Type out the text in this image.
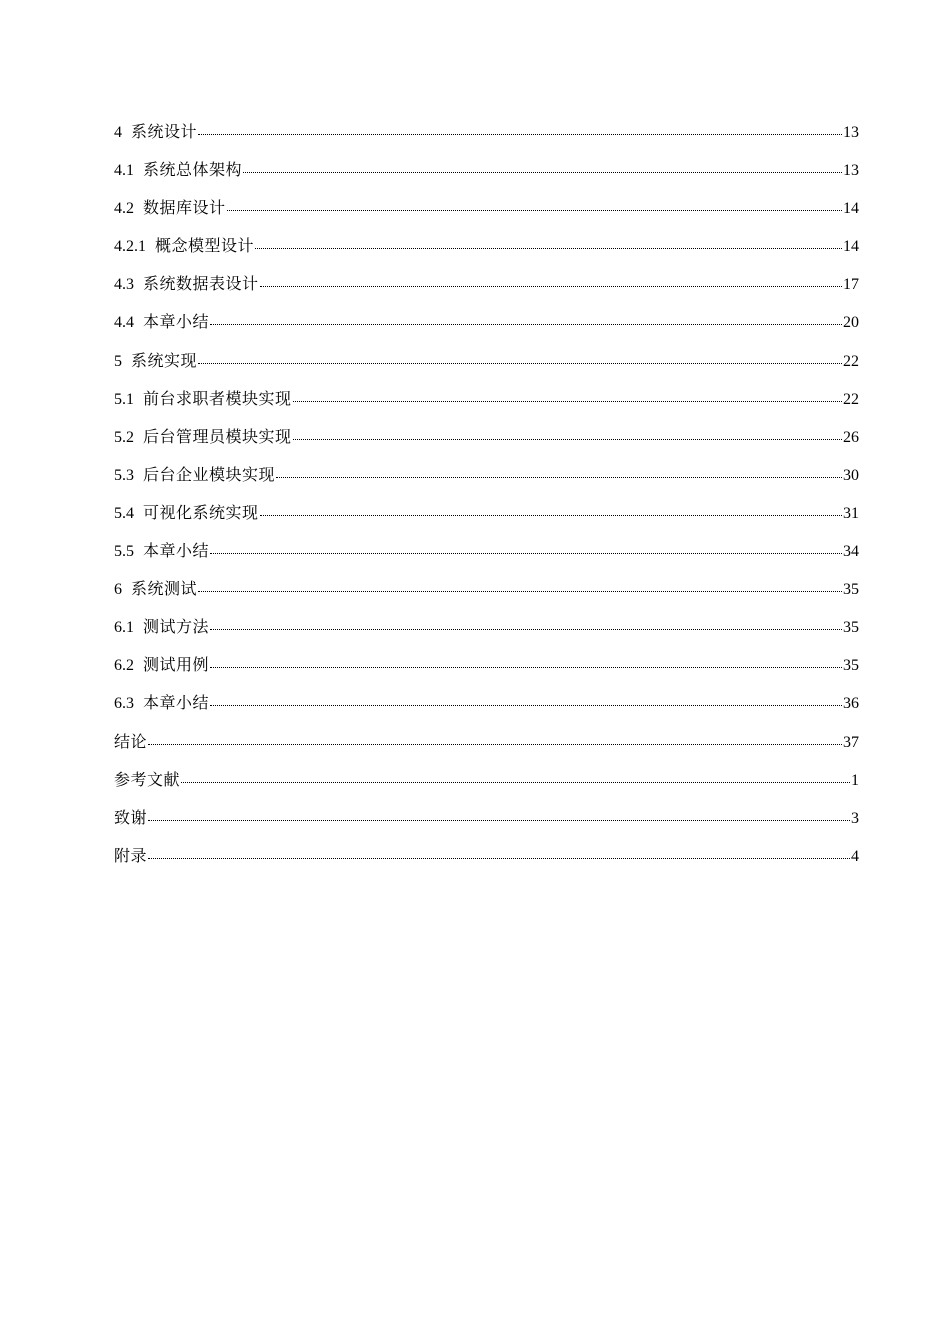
4 系统设计	13
4.1 系统总体架构	13
4.2 数据库设计	14
4.2.1 概念模型设计	14
4.3 系统数据表设计	17
4.4 本章小结	20
5 系统实现	22
5.1 前台求职者模块实现	22
5.2 后台管理员模块实现	26
5.3 后台企业模块实现	30
5.4 可视化系统实现	31
5.5 本章小结	34
6 系统测试	35
6.1 测试方法	35
6.2 测试用例	35
6.3 本章小结	36
结论	37
参考文献	1
致谢	3
附录	4
